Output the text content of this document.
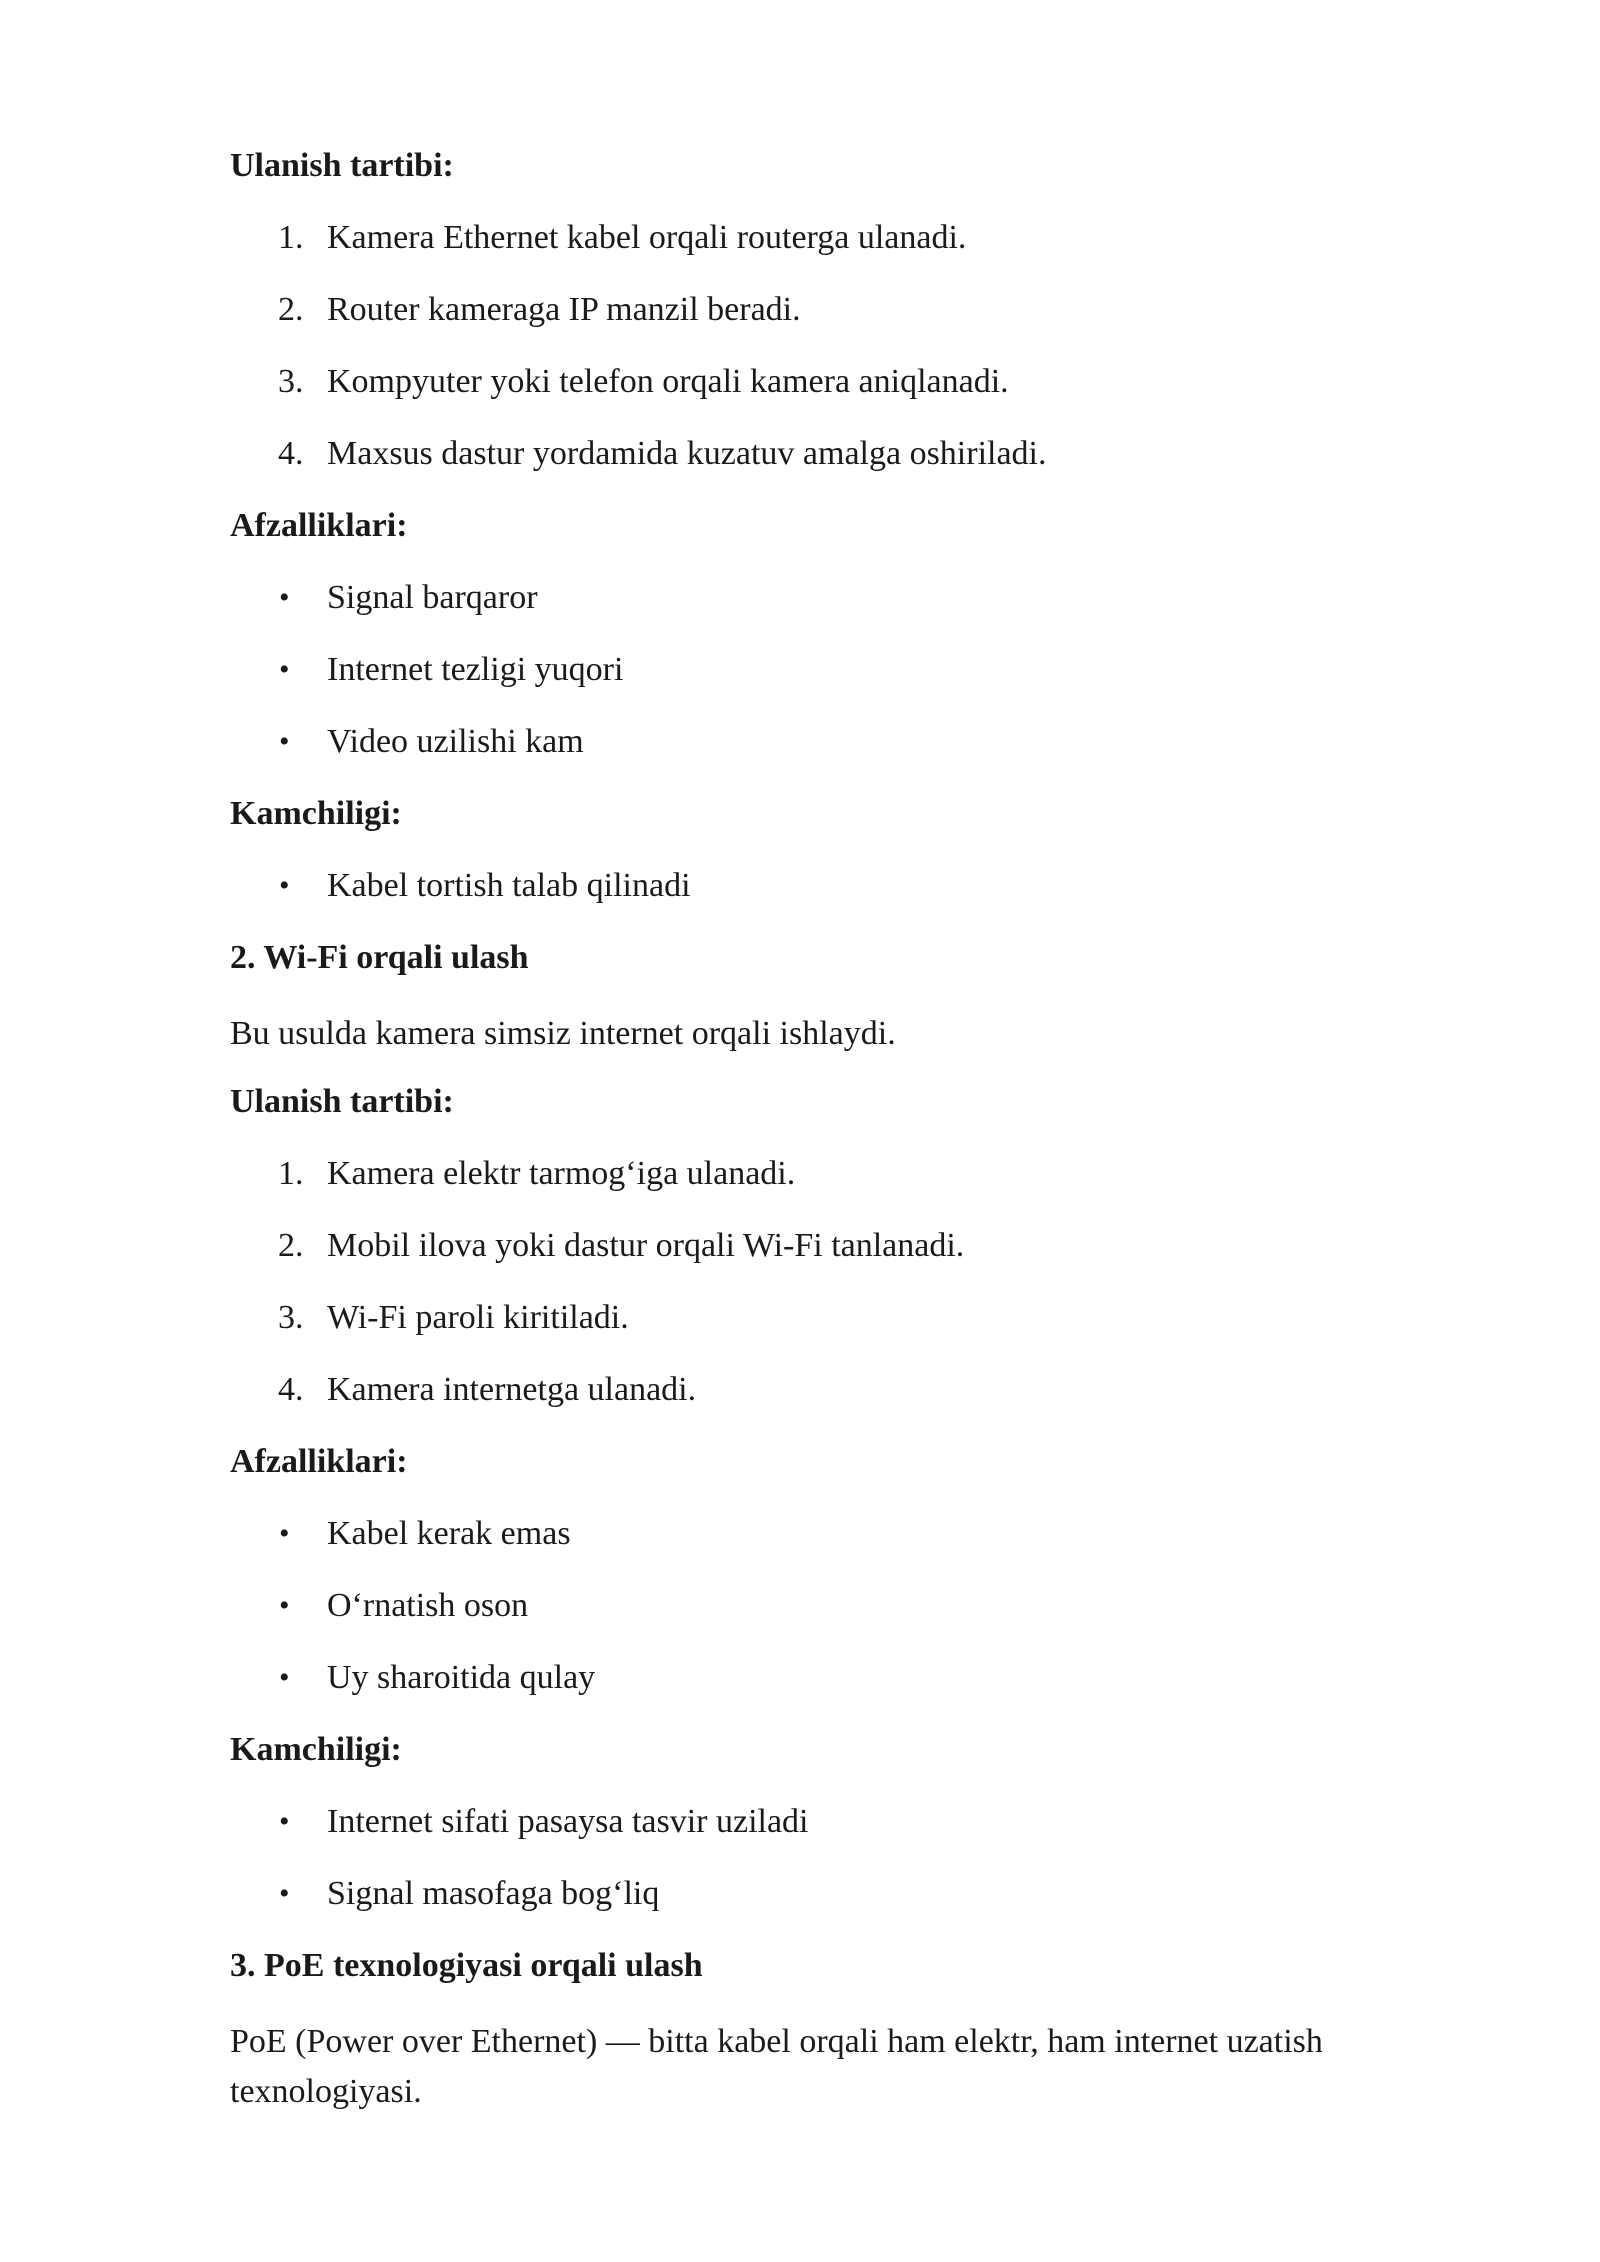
Ulanish tartibi:
1. Kamera Ethernet kabel orqali routerga ulanadi.
2. Router kameraga IP manzil beradi.
3. Kompyuter yoki telefon orqali kamera aniqlanadi.
4. Maxsus dastur yordamida kuzatuv amalga oshiriladi.
Afzalliklari:
• Signal barqaror
• Internet tezligi yuqori
• Video uzilishi kam
Kamchiligi:
• Kabel tortish talab qilinadi
2. Wi-Fi orqali ulash
Bu usulda kamera simsiz internet orqali ishlaydi.
Ulanish tartibi:
1. Kamera elektr tarmog‘iga ulanadi.
2. Mobil ilova yoki dastur orqali Wi-Fi tanlanadi.
3. Wi-Fi paroli kiritiladi.
4. Kamera internetga ulanadi.
Afzalliklari:
• Kabel kerak emas
• O‘rnatish oson
• Uy sharoitida qulay
Kamchiligi:
• Internet sifati pasaysa tasvir uziladi
• Signal masofaga bog‘liq
3. PoE texnologiyasi orqali ulash
PoE (Power over Ethernet) — bitta kabel orqali ham elektr, ham internet uzatish texnologiyasi.
